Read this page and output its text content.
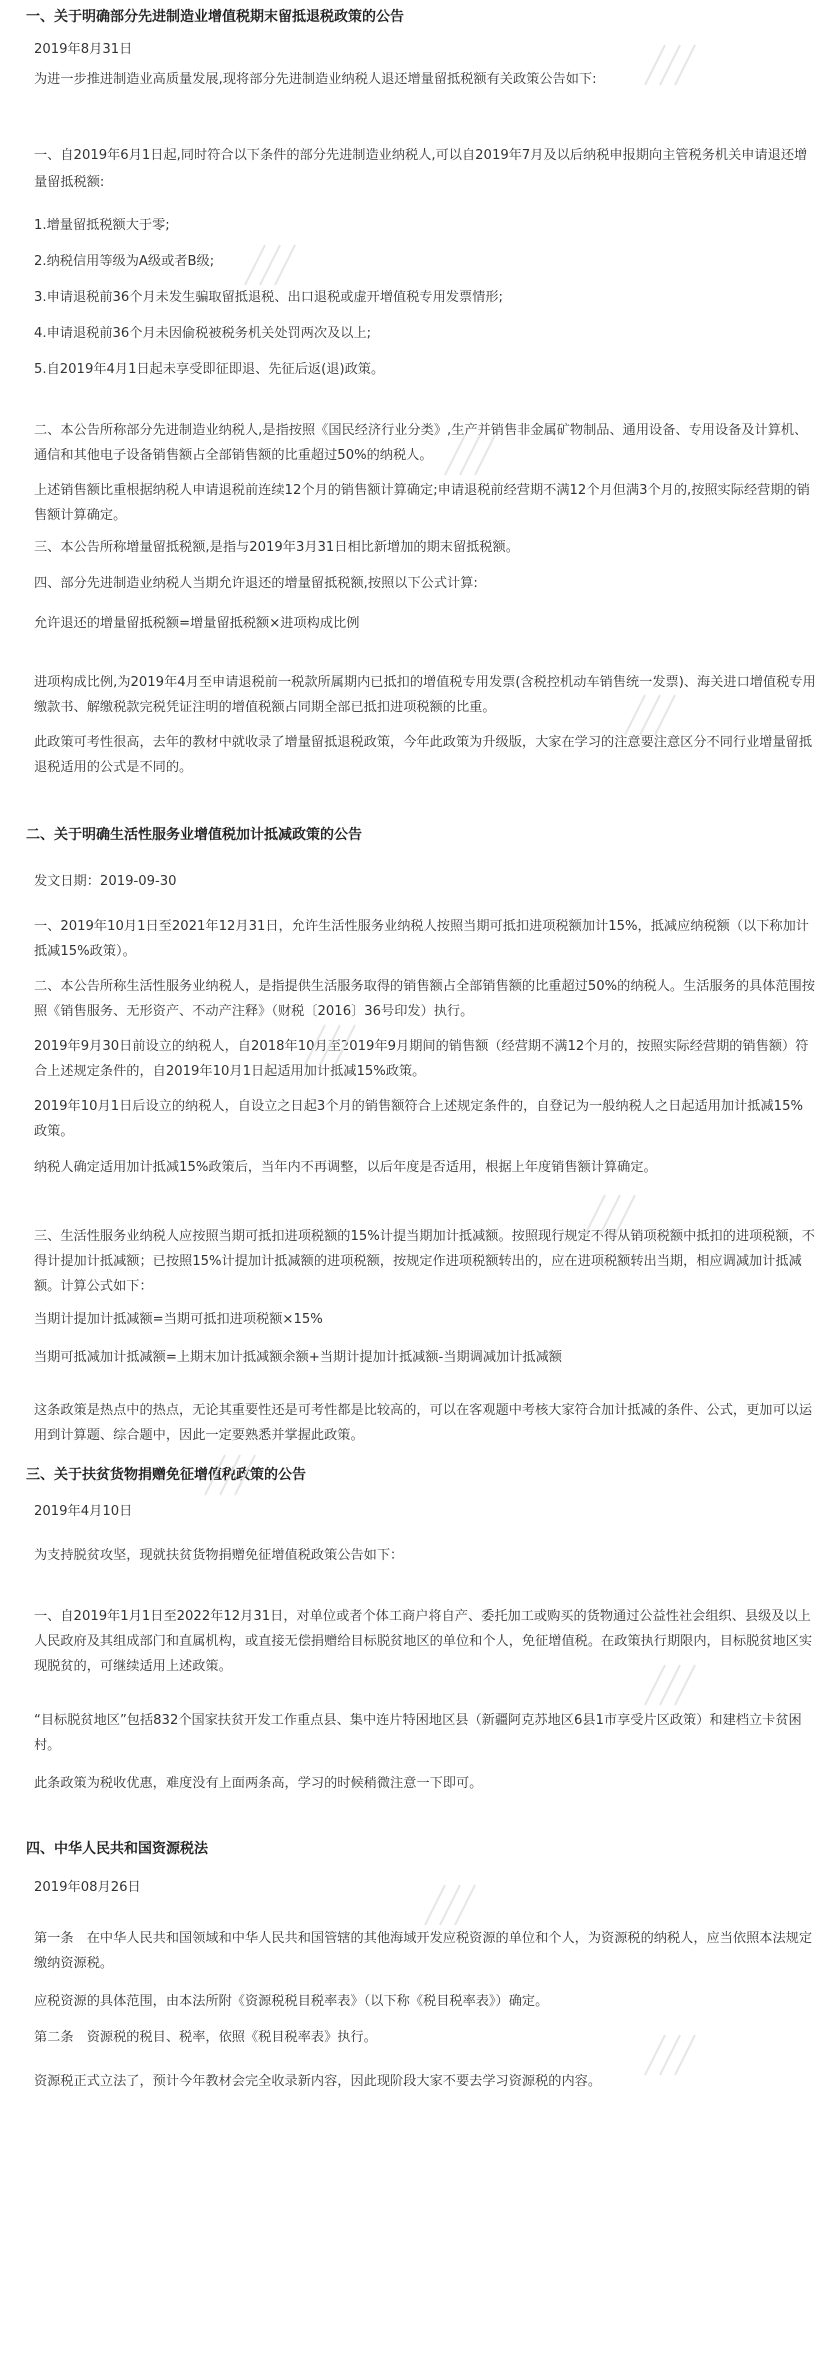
一、关于明确部分先进制造业增值税期末留抵退税政策的公告
2019年8月31日
为进一步推进制造业高质量发展,现将部分先进制造业纳税人退还增量留抵税额有关政策公告如下:
一、自2019年6月1日起,同时符合以下条件的部分先进制造业纳税人,可以自2019年7月及以后纳税申报期向主管税务机关申请退还增量留抵税额:
1.增量留抵税额大于零;
2.纳税信用等级为A级或者B级;
3.申请退税前36个月未发生骗取留抵退税、出口退税或虚开增值税专用发票情形;
4.申请退税前36个月未因偷税被税务机关处罚两次及以上;
5.自2019年4月1日起未享受即征即退、先征后返(退)政策。
二、本公告所称部分先进制造业纳税人,是指按照《国民经济行业分类》,生产并销售非金属矿物制品、通用设备、专用设备及计算机、通信和其他电子设备销售额占全部销售额的比重超过50%的纳税人。
上述销售额比重根据纳税人申请退税前连续12个月的销售额计算确定;申请退税前经营期不满12个月但满3个月的,按照实际经营期的销售额计算确定。
三、本公告所称增量留抵税额,是指与2019年3月31日相比新增加的期末留抵税额。
四、部分先进制造业纳税人当期允许退还的增量留抵税额,按照以下公式计算:
允许退还的增量留抵税额=增量留抵税额×进项构成比例
进项构成比例,为2019年4月至申请退税前一税款所属期内已抵扣的增值税专用发票(含税控机动车销售统一发票)、海关进口增值税专用缴款书、解缴税款完税凭证注明的增值税额占同期全部已抵扣进项税额的比重。
此政策可考性很高，去年的教材中就收录了增量留抵退税政策，今年此政策为升级版，大家在学习的注意要注意区分不同行业增量留抵退税适用的公式是不同的。
二、关于明确生活性服务业增值税加计抵减政策的公告
发文日期：2019-09-30
一、2019年10月1日至2021年12月31日，允许生活性服务业纳税人按照当期可抵扣进项税额加计15%，抵减应纳税额（以下称加计抵减15%政策）。
二、本公告所称生活性服务业纳税人，是指提供生活服务取得的销售额占全部销售额的比重超过50%的纳税人。生活服务的具体范围按照《销售服务、无形资产、不动产注释》（财税〔2016〕36号印发）执行。
2019年9月30日前设立的纳税人，自2018年10月至2019年9月期间的销售额（经营期不满12个月的，按照实际经营期的销售额）符合上述规定条件的，自2019年10月1日起适用加计抵减15%政策。
2019年10月1日后设立的纳税人，自设立之日起3个月的销售额符合上述规定条件的，自登记为一般纳税人之日起适用加计抵减15%政策。
纳税人确定适用加计抵减15%政策后，当年内不再调整，以后年度是否适用，根据上年度销售额计算确定。
三、生活性服务业纳税人应按照当期可抵扣进项税额的15%计提当期加计抵减额。按照现行规定不得从销项税额中抵扣的进项税额，不得计提加计抵减额；已按照15%计提加计抵减额的进项税额，按规定作进项税额转出的，应在进项税额转出当期，相应调减加计抵减额。计算公式如下：
当期计提加计抵减额=当期可抵扣进项税额×15%
当期可抵减加计抵减额=上期末加计抵减额余额+当期计提加计抵减额-当期调减加计抵减额
这条政策是热点中的热点，无论其重要性还是可考性都是比较高的，可以在客观题中考核大家符合加计抵减的条件、公式，更加可以运用到计算题、综合题中，因此一定要熟悉并掌握此政策。
三、关于扶贫货物捐赠免征增值税政策的公告
2019年4月10日
为支持脱贫攻坚，现就扶贫货物捐赠免征增值税政策公告如下：
一、自2019年1月1日至2022年12月31日，对单位或者个体工商户将自产、委托加工或购买的货物通过公益性社会组织、县级及以上人民政府及其组成部门和直属机构，或直接无偿捐赠给目标脱贫地区的单位和个人，免征增值税。在政策执行期限内，目标脱贫地区实现脱贫的，可继续适用上述政策。
“目标脱贫地区”包括832个国家扶贫开发工作重点县、集中连片特困地区县（新疆阿克苏地区6县1市享受片区政策）和建档立卡贫困村。
此条政策为税收优惠，难度没有上面两条高，学习的时候稍微注意一下即可。
四、中华人民共和国资源税法
2019年08月26日
第一条　在中华人民共和国领域和中华人民共和国管辖的其他海域开发应税资源的单位和个人，为资源税的纳税人，应当依照本法规定缴纳资源税。
应税资源的具体范围，由本法所附《资源税税目税率表》（以下称《税目税率表》）确定。
第二条　资源税的税目、税率，依照《税目税率表》执行。
资源税正式立法了，预计今年教材会完全收录新内容，因此现阶段大家不要去学习资源税的内容。
